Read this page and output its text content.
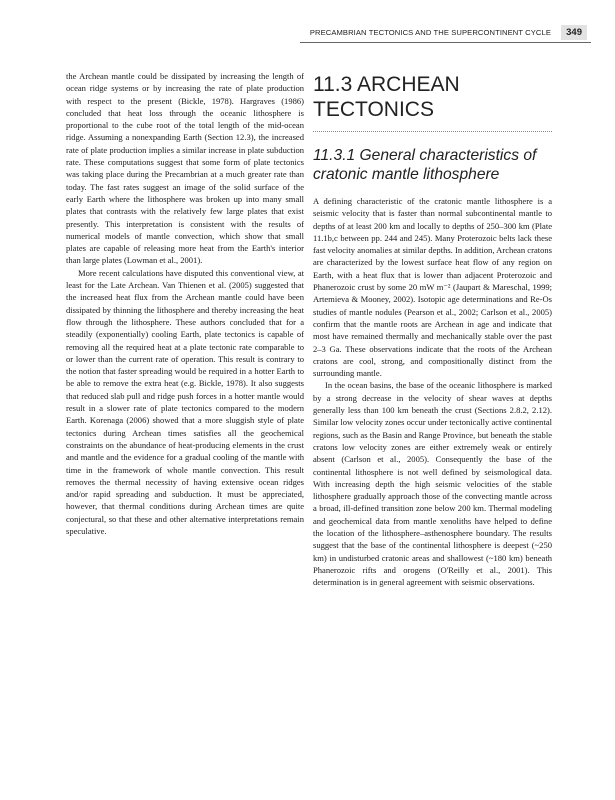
PRECAMBRIAN TECTONICS AND THE SUPERCONTINENT CYCLE	349

the Archean mantle could be dissipated by increasing the length of ocean ridge systems or by increasing the rate of plate production with respect to the present (Bickle, 1978). Hargraves (1986) concluded that heat loss through the oceanic lithosphere is proportional to the cube root of the total length of the mid-ocean ridge. Assuming a nonexpanding Earth (Section 12.3), the increased rate of plate production implies a similar increase in plate subduction rate. These computations suggest that some form of plate tectonics was taking place during the Precambrian at a much greater rate than today. The fast rates suggest an image of the solid surface of the early Earth where the lithosphere was broken up into many small plates that contrasts with the relatively few large plates that exist presently. This interpretation is consistent with the results of numerical models of mantle convection, which show that small plates are capable of releasing more heat from the Earth's interior than large plates (Lowman et al., 2001).

More recent calculations have disputed this conventional view, at least for the Late Archean. Van Thienen et al. (2005) suggested that the increased heat flux from the Archean mantle could have been dissipated by thinning the lithosphere and thereby increasing the heat flow through the lithosphere. These authors concluded that for a steadily (exponentially) cooling Earth, plate tectonics is capable of removing all the required heat at a plate tectonic rate comparable to or lower than the current rate of operation. This result is contrary to the notion that faster spreading would be required in a hotter Earth to be able to remove the extra heat (e.g. Bickle, 1978). It also suggests that reduced slab pull and ridge push forces in a hotter mantle would result in a slower rate of plate tectonics compared to the modern Earth. Korenaga (2006) showed that a more sluggish style of plate tectonics during Archean times satisfies all the geochemical constraints on the abundance of heat-producing elements in the crust and mantle and the evidence for a gradual cooling of the mantle with time in the framework of whole mantle convection. This result removes the thermal necessity of having extensive ocean ridges and/or rapid spreading and subduction. It must be appreciated, however, that thermal conditions during Archean times are quite conjectural, so that these and other alternative interpretations remain speculative.

11.3 ARCHEAN TECTONICS
11.3.1 General characteristics of cratonic mantle lithosphere

A defining characteristic of the cratonic mantle lithosphere is a seismic velocity that is faster than normal subcontinental mantle to depths of at least 200 km and locally to depths of 250–300 km (Plate 11.1b,c between pp. 244 and 245). Many Proterozoic belts lack these fast velocity anomalies at similar depths. In addition, Archean cratons are characterized by the lowest surface heat flow of any region on Earth, with a heat flux that is lower than adjacent Proterozoic and Phanerozoic crust by some 20 mW m⁻² (Jaupart & Mareschal, 1999; Artemieva & Mooney, 2002). Isotopic age determinations and Re-Os studies of mantle nodules (Pearson et al., 2002; Carlson et al., 2005) confirm that the mantle roots are Archean in age and indicate that most have remained thermally and mechanically stable over the past 2–3 Ga. These observations indicate that the roots of the Archean cratons are cool, strong, and compositionally distinct from the surrounding mantle.

In the ocean basins, the base of the oceanic lithosphere is marked by a strong decrease in the velocity of shear waves at depths generally less than 100 km beneath the crust (Sections 2.8.2, 2.12). Similar low velocity zones occur under tectonically active continental regions, such as the Basin and Range Province, but beneath the stable cratons low velocity zones are either extremely weak or entirely absent (Carlson et al., 2005). Consequently the base of the continental lithosphere is not well defined by seismological data. With increasing depth the high seismic velocities of the stable lithosphere gradually approach those of the convecting mantle across a broad, ill-defined transition zone below 200 km. Thermal modeling and geochemical data from mantle xenoliths have helped to define the location of the lithosphere–asthenosphere boundary. The results suggest that the base of the continental lithosphere is deepest (~250 km) in undisturbed cratonic areas and shallowest (~180 km) beneath Phanerozoic rifts and orogens (O'Reilly et al., 2001). This determination is in general agreement with seismic observations.
